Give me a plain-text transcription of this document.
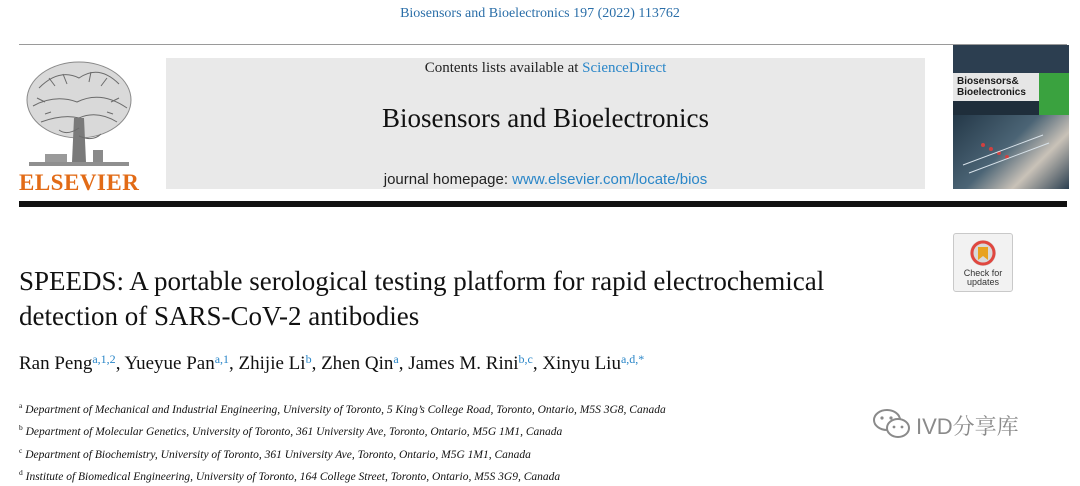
Biosensors and Bioelectronics 197 (2022) 113762
ELSEVIER
Contents lists available at ScienceDirect
Biosensors and Bioelectronics
journal homepage: www.elsevier.com/locate/bios
Biosensors&
Bioelectronics
Check for
updates
SPEEDS: A portable serological testing platform for rapid electrochemical
detection of SARS-CoV-2 antibodies
Ran Peng$^{a,1,2}$, Yueyue Pan$^{a,1}$, Zhijie Li$^b$, Zhen Qin$^a$, James M. Rini$^{b,c}$, Xinyu Liu$^{a,d,*}$
$^a$ Department of Mechanical and Industrial Engineering, University of Toronto, 5 King’s College Road, Toronto, Ontario, M5S 3G8, Canada
$^b$ Department of Molecular Genetics, University of Toronto, 361 University Ave, Toronto, Ontario, M5G 1M1, Canada
$^c$ Department of Biochemistry, University of Toronto, 361 University Ave, Toronto, Ontario, M5G 1M1, Canada
$^d$ Institute of Biomedical Engineering, University of Toronto, 164 College Street, Toronto, Ontario, M5S 3G9, Canada
IVD分享库
